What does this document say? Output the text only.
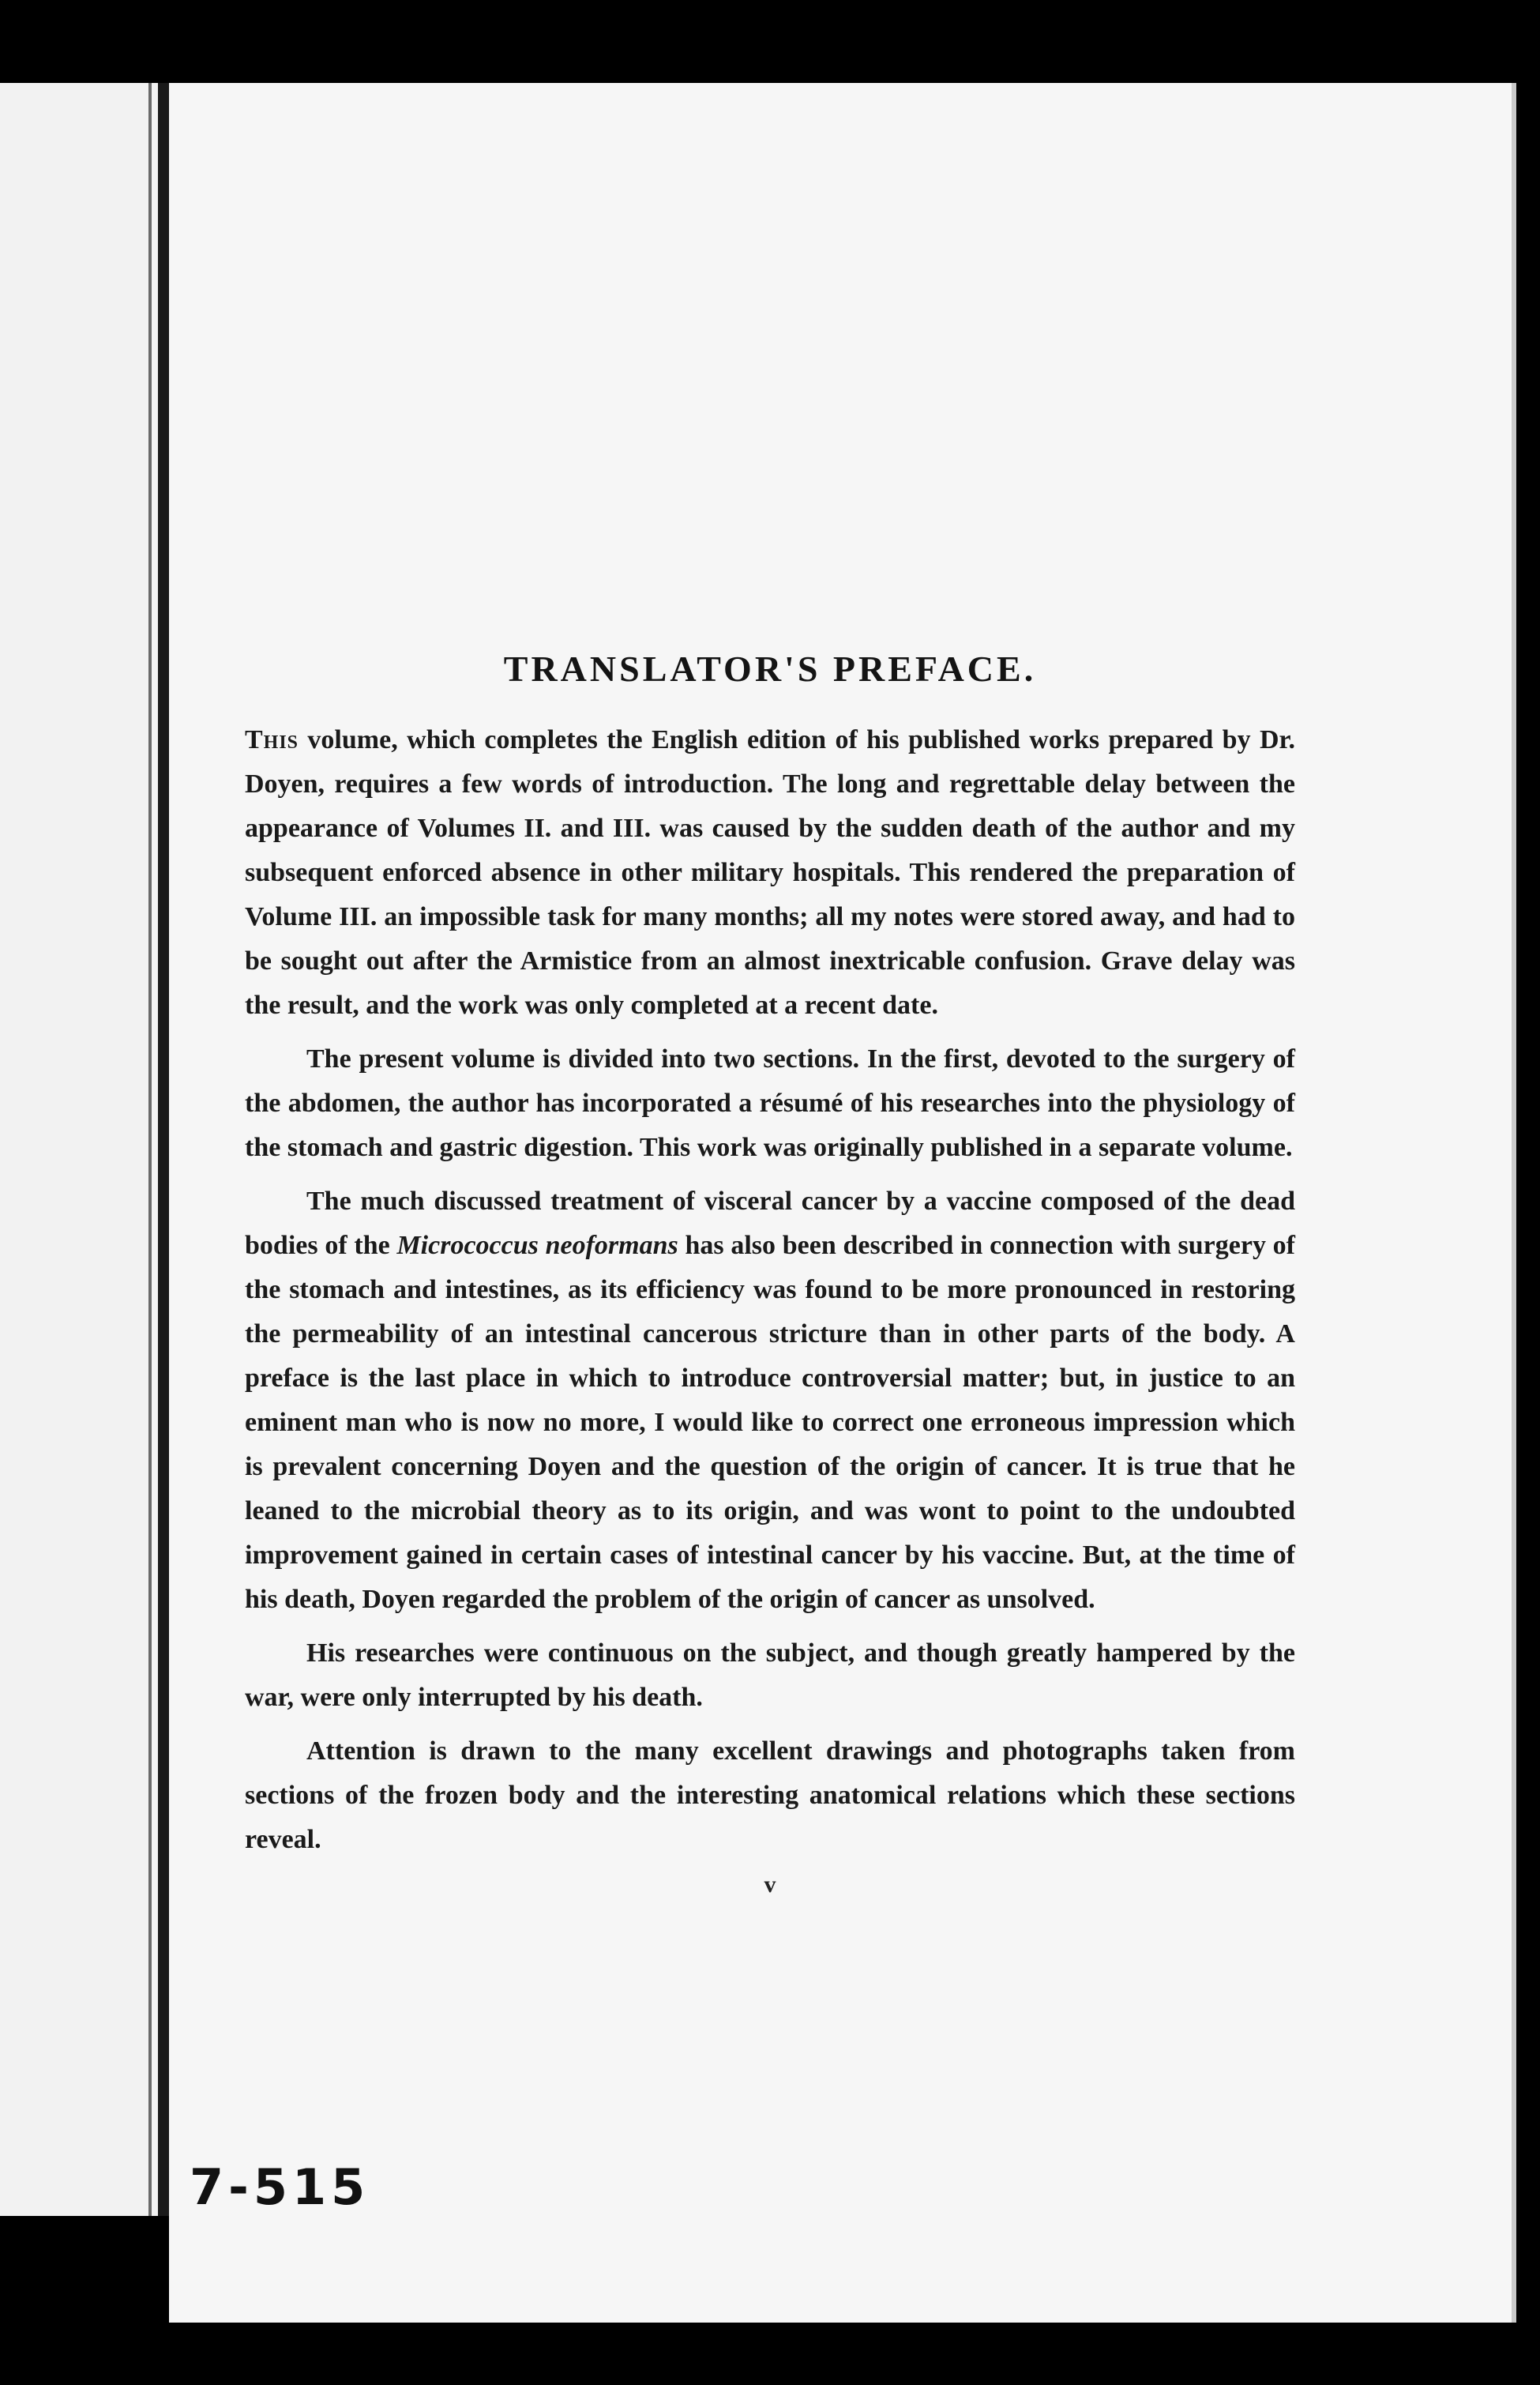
TRANSLATOR'S PREFACE.

This volume, which completes the English edition of his published works prepared by Dr. Doyen, requires a few words of introduction. The long and regrettable delay between the appearance of Volumes II. and III. was caused by the sudden death of the author and my subsequent enforced absence in other military hospitals. This rendered the preparation of Volume III. an impossible task for many months; all my notes were stored away, and had to be sought out after the Armistice from an almost inextricable confusion. Grave delay was the result, and the work was only completed at a recent date.

The present volume is divided into two sections. In the first, devoted to the surgery of the abdomen, the author has incorporated a résumé of his researches into the physiology of the stomach and gastric digestion. This work was originally published in a separate volume.

The much discussed treatment of visceral cancer by a vaccine composed of the dead bodies of the Micrococcus neoformans has also been described in connection with surgery of the stomach and intestines, as its efficiency was found to be more pronounced in restoring the permeability of an intestinal cancerous stricture than in other parts of the body. A preface is the last place in which to introduce controversial matter; but, in justice to an eminent man who is now no more, I would like to correct one erroneous impression which is prevalent concerning Doyen and the question of the origin of cancer. It is true that he leaned to the microbial theory as to its origin, and was wont to point to the undoubted improvement gained in certain cases of intestinal cancer by his vaccine. But, at the time of his death, Doyen regarded the problem of the origin of cancer as unsolved.

His researches were continuous on the subject, and though greatly hampered by the war, were only interrupted by his death.

Attention is drawn to the many excellent drawings and photographs taken from sections of the frozen body and the interesting anatomical relations which these sections reveal.

v
7-515
